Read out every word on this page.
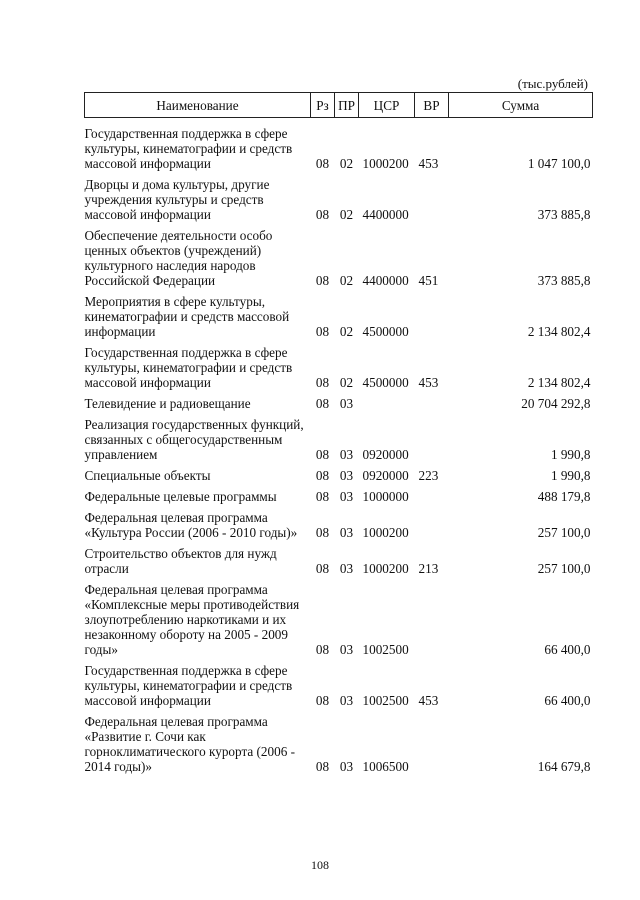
(тыс.рублей)
Наименование	Рз	ПР	ЦСР	ВР	Сумма

Государственная поддержка в сфере культуры, кинематографии и средств массовой информации	08	02	1000200	453	1 047 100,0

Дворцы и дома культуры, другие учреждения культуры и средств массовой информации	08	02	4400000		373 885,8

Обеспечение деятельности особо ценных объектов (учреждений) культурного наследия народов Российской Федерации	08	02	4400000	451	373 885,8

Мероприятия в сфере культуры, кинематографии и средств массовой информации	08	02	4500000		2 134 802,4

Государственная поддержка в сфере культуры, кинематографии и средств массовой информации	08	02	4500000	453	2 134 802,4

Телевидение и радиовещание	08	03			20 704 292,8

Реализация государственных функций, связанных с общегосударственным управлением	08	03	0920000		1 990,8

Специальные объекты	08	03	0920000	223	1 990,8

Федеральные целевые программы	08	03	1000000		488 179,8

Федеральная целевая программа «Культура России (2006 - 2010 годы)»	08	03	1000200		257 100,0

Строительство объектов для нужд отрасли	08	03	1000200	213	257 100,0

Федеральная целевая программа «Комплексные меры противодействия злоупотреблению наркотиками и их незаконному обороту на 2005 - 2009 годы»	08	03	1002500		66 400,0

Государственная поддержка в сфере культуры, кинематографии и средств массовой информации	08	03	1002500	453	66 400,0

Федеральная целевая программа «Развитие г. Сочи как горноклиматического курорта (2006 - 2014 годы)»	08	03	1006500		164 679,8
108
